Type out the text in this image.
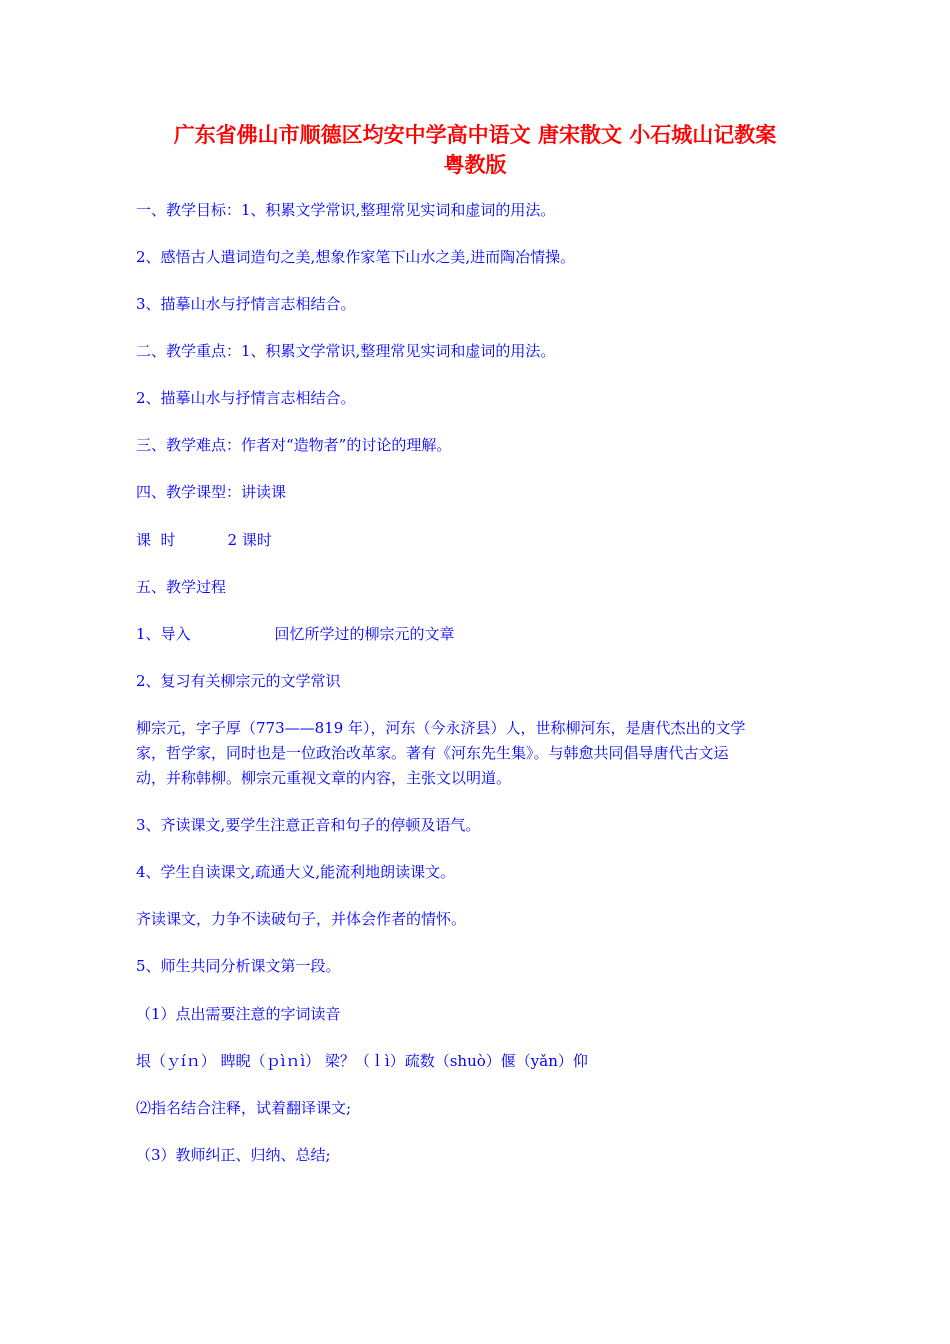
广东省佛山市顺德区均安中学高中语文 唐宋散文 小石城山记教案
粤教版
一、教学目标：1、积累文学常识,整理常见实词和虚词的用法。
2、感悟古人遣词造句之美,想象作家笔下山水之美,进而陶冶情操。
3、描摹山水与抒情言志相结合。
二、教学重点：1、积累文学常识,整理常见实词和虚词的用法。
2、描摹山水与抒情言志相结合。
三、教学难点：作者对“造物者”的讨论的理解。
四、教学课型：讲读课
课  时	2 课时
五、教学过程
1、导入	回忆所学过的柳宗元的文章
2、复习有关柳宗元的文学常识
柳宗元，字子厚（773——819 年），河东（今永济县）人，世称柳河东，是唐代杰出的文学
家，哲学家，同时也是一位政治改革家。著有《河东先生集》。与韩愈共同倡导唐代古文运
动，并称韩柳。柳宗元重视文章的内容，主张文以明道。
3、齐读课文,要学生注意正音和句子的停顿及语气。
4、学生自读课文,疏通大义,能流利地朗读课文。
齐读课文，力争不读破句子，并体会作者的情怀。
5、师生共同分析课文第一段。
（1）点出需要注意的字词读音
垠（ｙíｎ） 睥睨（ｐìｎì） 梁？（ｌì）疏数（shuò）偃（yǎn）仰
⑵指名结合注释，试着翻译课文;
（3）教师纠正、归纳、总结;
